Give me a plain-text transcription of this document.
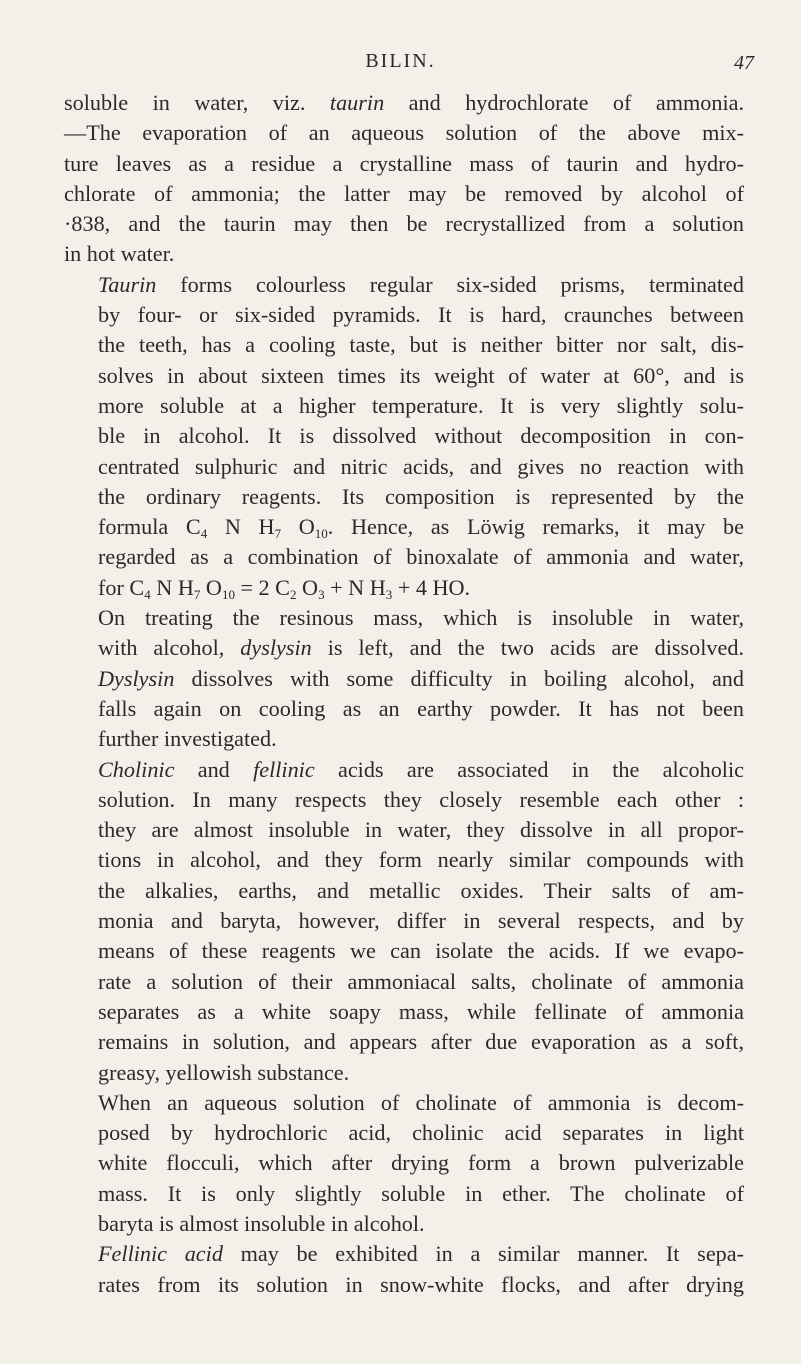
BILIN.	47

soluble in water, viz. taurin and hydrochlorate of ammonia.
—The evaporation of an aqueous solution of the above mix-
ture leaves as a residue a crystalline mass of taurin and hydro-
chlorate of ammonia; the latter may be removed by alcohol of
·838, and the taurin may then be recrystallized from a solution
in hot water.

Taurin forms colourless regular six-sided prisms, terminated
by four- or six-sided pyramids. It is hard, craunches between
the teeth, has a cooling taste, but is neither bitter nor salt, dis-
solves in about sixteen times its weight of water at 60°, and is
more soluble at a higher temperature. It is very slightly solu-
ble in alcohol. It is dissolved without decomposition in con-
centrated sulphuric and nitric acids, and gives no reaction with
the ordinary reagents. Its composition is represented by the
formula $C_4$ N $H_7$ $O_{10}$. Hence, as Löwig remarks, it may be
regarded as a combination of binoxalate of ammonia and water,
for $C_4$ N $H_7$ $O_{10} = 2$ $C_2$ $O_3 + N$ $H_3 + 4$ HO.

On treating the resinous mass, which is insoluble in water,
with alcohol, dyslysin is left, and the two acids are dissolved.
Dyslysin dissolves with some difficulty in boiling alcohol, and
falls again on cooling as an earthy powder. It has not been
further investigated.

Cholinic and fellinic acids are associated in the alcoholic
solution. In many respects they closely resemble each other :
they are almost insoluble in water, they dissolve in all propor-
tions in alcohol, and they form nearly similar compounds with
the alkalies, earths, and metallic oxides. Their salts of am-
monia and baryta, however, differ in several respects, and by
means of these reagents we can isolate the acids. If we evapo-
rate a solution of their ammoniacal salts, cholinate of ammonia
separates as a white soapy mass, while fellinate of ammonia
remains in solution, and appears after due evaporation as a soft,
greasy, yellowish substance.

When an aqueous solution of cholinate of ammonia is decom-
posed by hydrochloric acid, cholinic acid separates in light
white flocculi, which after drying form a brown pulverizable
mass. It is only slightly soluble in ether. The cholinate of
baryta is almost insoluble in alcohol.

Fellinic acid may be exhibited in a similar manner. It sepa-
rates from its solution in snow-white flocks, and after drying
